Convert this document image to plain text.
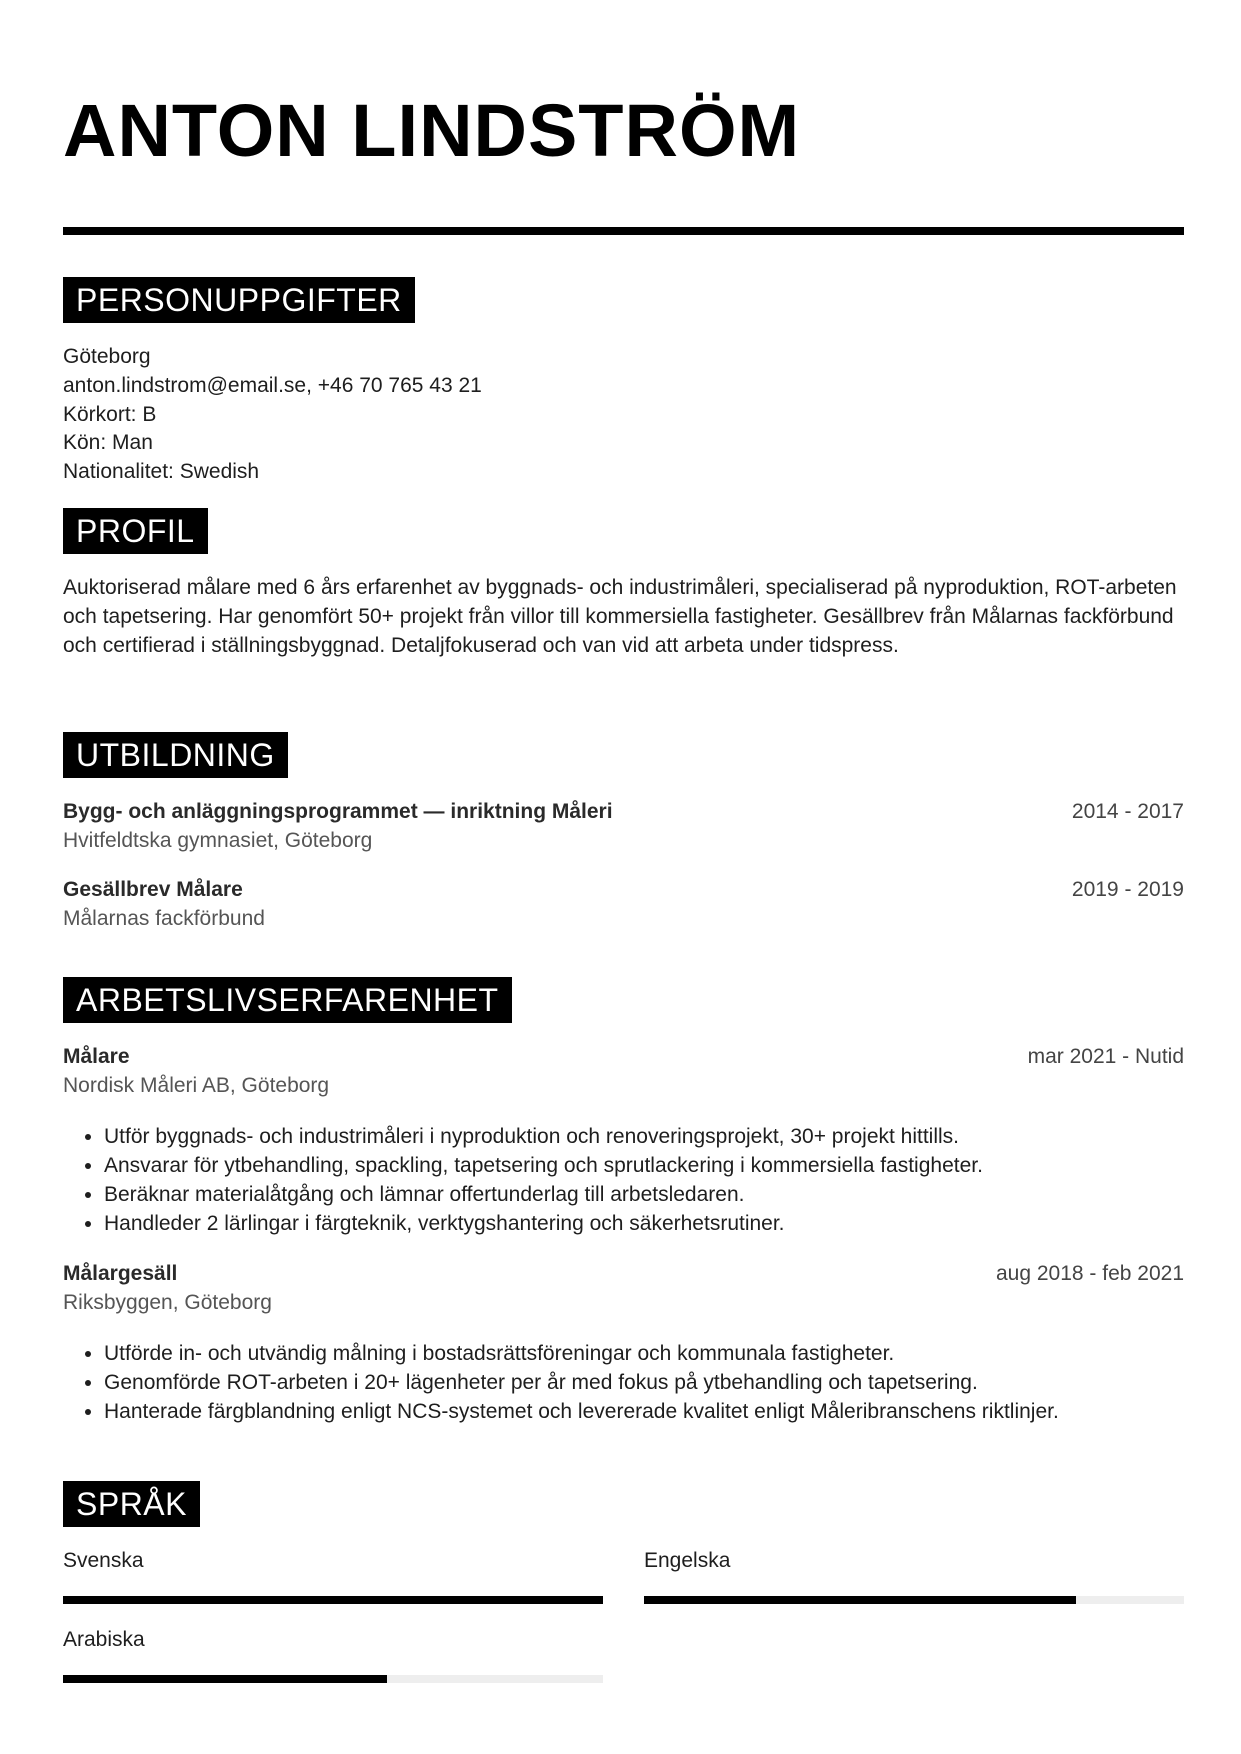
ANTON LINDSTRÖM
PERSONUPPGIFTER
Göteborg
anton.lindstrom@email.se, +46 70 765 43 21
Körkort: B
Kön: Man
Nationalitet: Swedish
PROFIL
Auktoriserad målare med 6 års erfarenhet av byggnads- och industrimåleri, specialiserad på nyproduktion, ROT-arbeten och tapetsering. Har genomfört 50+ projekt från villor till kommersiella fastigheter. Gesällbrev från Målarnas fackförbund och certifierad i ställningsbyggnad. Detaljfokuserad och van vid att arbeta under tidspress.
UTBILDNING
Bygg- och anläggningsprogrammet — inriktning Måleri	2014 - 2017
Hvitfeldtska gymnasiet, Göteborg
Gesällbrev Målare	2019 - 2019
Målarnas fackförbund
ARBETSLIVSERFARENHET
Målare	mar 2021 - Nutid
Nordisk Måleri AB, Göteborg
• Utför byggnads- och industrimåleri i nyproduktion och renoveringsprojekt, 30+ projekt hittills.
• Ansvarar för ytbehandling, spackling, tapetsering och sprutlackering i kommersiella fastigheter.
• Beräknar materialåtgång och lämnar offertunderlag till arbetsledaren.
• Handleder 2 lärlingar i färgteknik, verktygshantering och säkerhetsrutiner.
Målargesäll	aug 2018 - feb 2021
Riksbyggen, Göteborg
• Utförde in- och utvändig målning i bostadsrättsföreningar och kommunala fastigheter.
• Genomförde ROT-arbeten i 20+ lägenheter per år med fokus på ytbehandling och tapetsering.
• Hanterade färgblandning enligt NCS-systemet och levererade kvalitet enligt Måleribranschens riktlinjer.
SPRÅK
Svenska	Engelska
Arabiska
